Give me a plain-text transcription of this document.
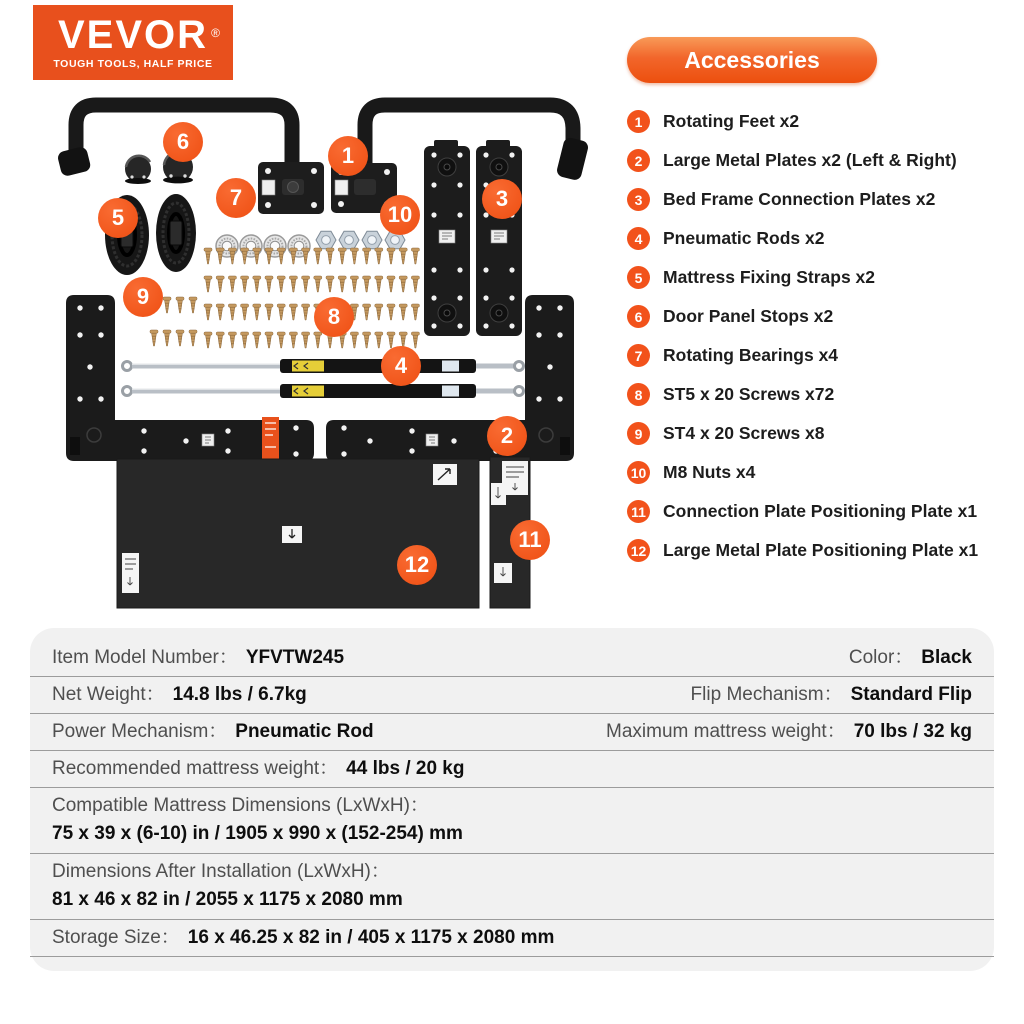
VEVOR ®
TOUGH TOOLS, HALF PRICE	Accessories
1	Rotating Feet x2
2	Large Metal Plates x2 (Left & Right)
3	Bed Frame Connection Plates x2
4	Pneumatic Rods x2
5	Mattress Fixing Straps x2
6	Door Panel Stops x2
7	Rotating Bearings x4
8	ST5 x 20 Screws x72
9	ST4 x 20 Screws x8
10 M8 Nuts x4
11 Connection Plate Positioning Plate x1
12 Large Metal Plate Positioning Plate x1
1
2
3
4
5
6
7
8
9
10
11
12
Item Model Number： YFVTW245	Color： Black
Net Weight： 14.8 lbs / 6.7kg	Flip Mechanism： Standard Flip
Power Mechanism： Pneumatic Rod	Maximum mattress weight： 70 lbs / 32 kg
Recommended mattress weight： 44 lbs / 20 kg
Compatible Mattress Dimensions (LxWxH)：
75 x 39 x (6-10) in / 1905 x 990 x (152-254) mm
Dimensions After Installation (LxWxH)：
81 x 46 x 82 in / 2055 x 1175 x 2080 mm
Storage Size： 16 x 46.25 x 82 in / 405 x 1175 x 2080 mm
